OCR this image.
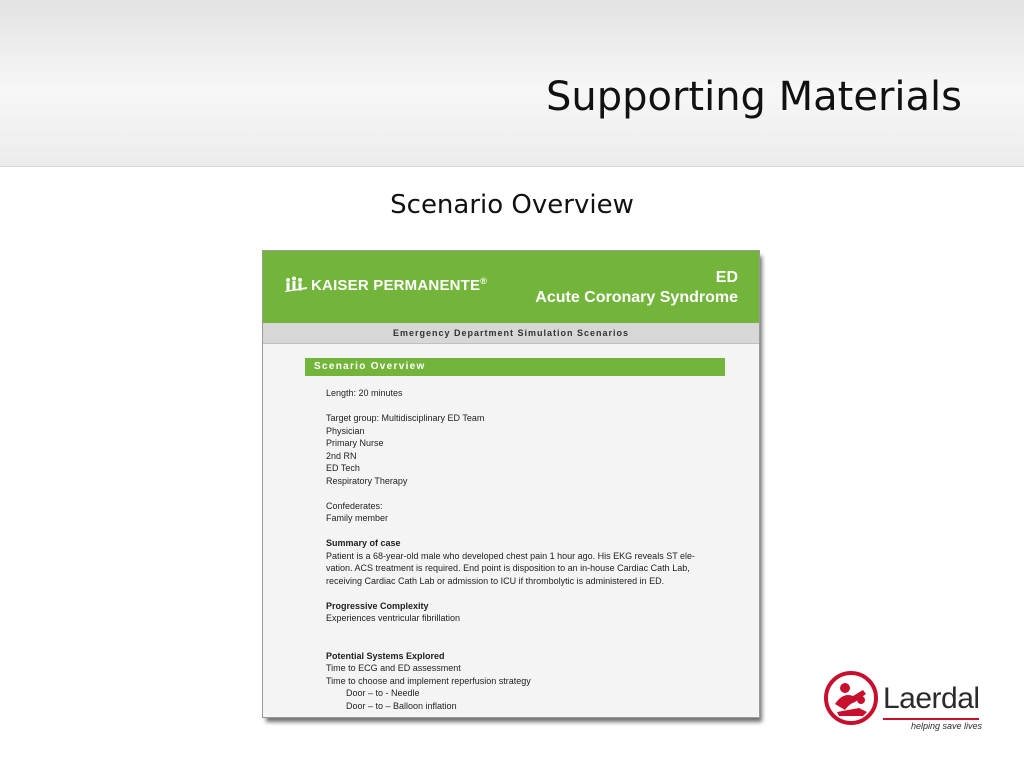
Supporting Materials
Scenario Overview
KAISER PERMANENTE®	ED
Acute Coronary Syndrome
Emergency Department Simulation Scenarios
Scenario Overview

Length: 20 minutes

Target group: Multidisciplinary ED Team

Physician

Primary Nurse

2nd RN

ED Tech

Respiratory Therapy

Confederates:

Family member

Summary of case

Patient is a 68-year-old male who developed chest pain 1 hour ago. His EKG reveals ST ele-

vation. ACS treatment is required. End point is disposition to an in-house Cardiac Cath Lab,

receiving Cardiac Cath Lab or admission to ICU if thrombolytic is administered in ED.

Progressive Complexity

Experiences ventricular fibrillation

Potential Systems Explored

Time to ECG and ED assessment

Time to choose and implement reperfusion strategy

Door – to - Needle

Door – to – Balloon inflation	Laerdal
helping save lives
